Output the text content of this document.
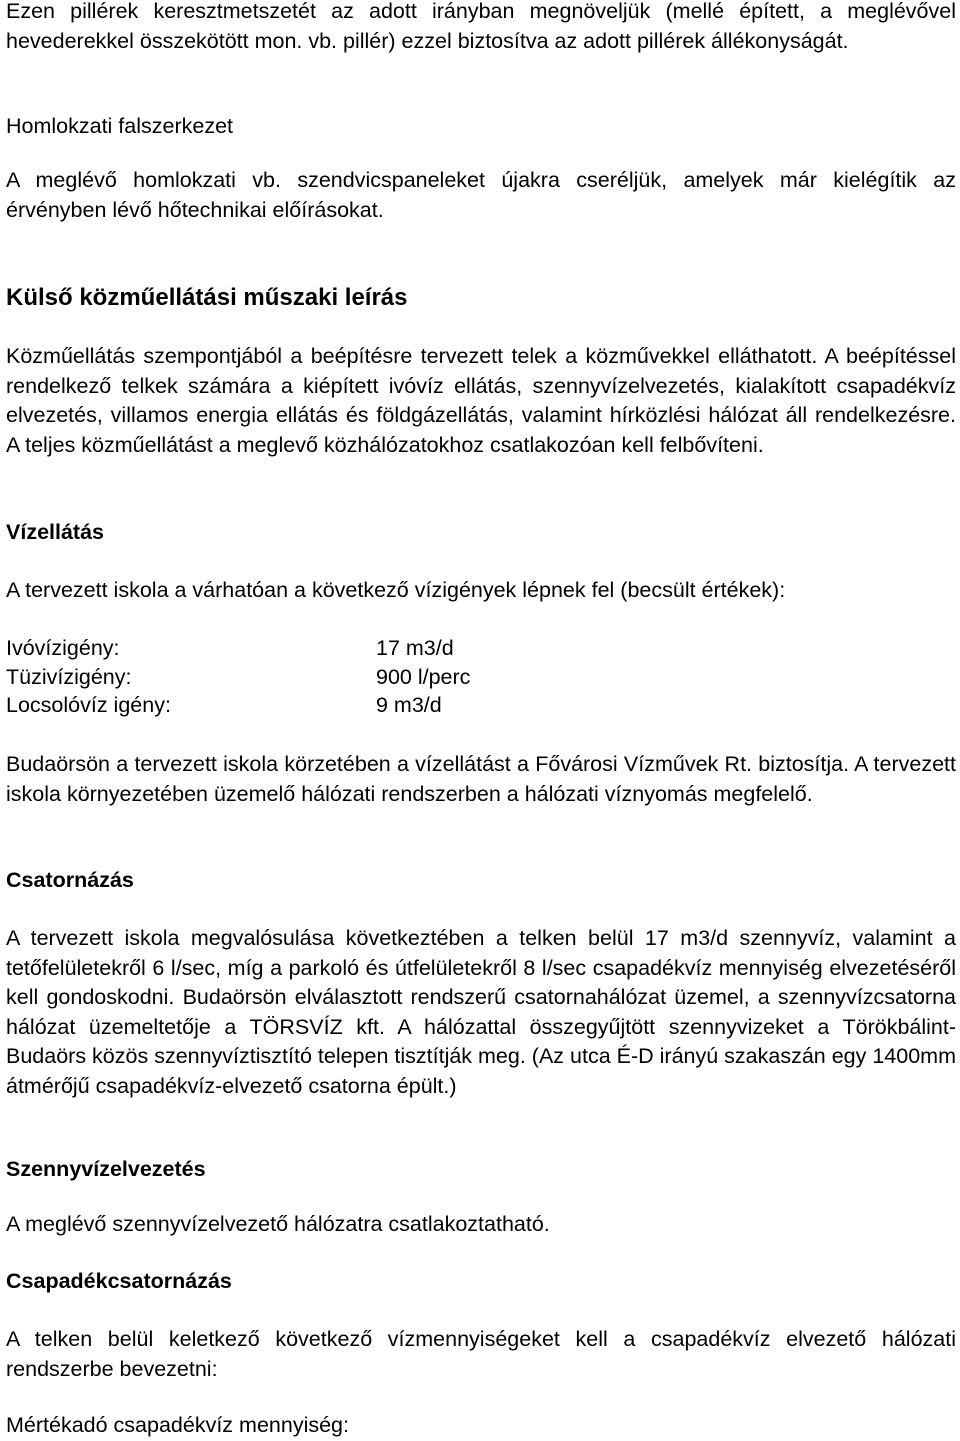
Ezen pillérek keresztmetszetét az adott irányban megnöveljük (mellé épített, a meglévővel hevederekkel összekötött mon. vb. pillér) ezzel biztosítva az adott pillérek állékonyságát.

Homlokzati falszerkezet

A meglévő homlokzati vb. szendvicspaneleket újakra cseréljük, amelyek már kielégítik az érvényben lévő hőtechnikai előírásokat.

Külső közműellátási műszaki leírás

Közműellátás szempontjából a beépítésre tervezett telek a közművekkel elláthatott. A beépítéssel rendelkező telkek számára a kiépített ivóvíz ellátás, szennyvízelvezetés, kialakított csapadékvíz elvezetés, villamos energia ellátás és földgázellátás, valamint hírközlési hálózat áll rendelkezésre. A teljes közműellátást a meglevő közhálózatokhoz csatlakozóan kell felbővíteni.

Vízellátás

A tervezett iskola a várhatóan a következő vízigények lépnek fel (becsült értékek):

Ivóvízigény:	17 m3/d
Tüzivízigény:	900 l/perc
Locsolóvíz igény:	9 m3/d

Budaörsön a tervezett iskola körzetében a vízellátást a Fővárosi Vízművek Rt. biztosítja. A tervezett iskola környezetében üzemelő hálózati rendszerben a hálózati víznyomás megfelelő.

Csatornázás

A tervezett iskola megvalósulása következtében a telken belül 17 m3/d szennyvíz, valamint a tetőfelületekről 6 l/sec, míg a parkoló és útfelületekről 8 l/sec csapadékvíz mennyiség elvezetéséről kell gondoskodni. Budaörsön elválasztott rendszerű csatornahálózat üzemel, a szennyvízcsatorna hálózat üzemeltetője a TÖRSVÍZ kft. A hálózattal összegyűjtött szennyvizeket a Törökbálint-Budaörs közös szennyvíztisztító telepen tisztítják meg. (Az utca É-D irányú szakaszán egy 1400mm átmérőjű csapadékvíz-elvezető csatorna épült.)

Szennyvízelvezetés

A meglévő szennyvízelvezető hálózatra csatlakoztatható.

Csapadékcsatornázás

A telken belül keletkező következő vízmennyiségeket kell a csapadékvíz elvezető hálózati rendszerbe bevezetni:

Mértékadó csapadékvíz mennyiség:
